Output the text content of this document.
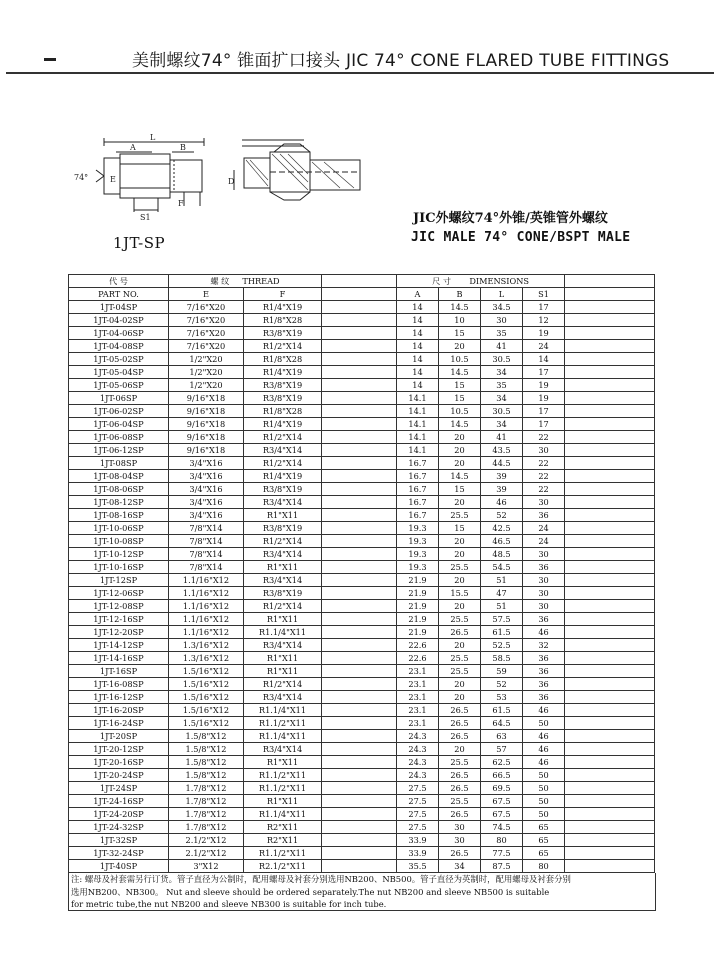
美制螺纹74° 锥面扩口接头 JIC 74° CONE FLARED TUBE FITTINGS
L
A	B
E
74°
F
S1
D
1JT-SP
JIC外螺纹74°外锥/英锥管外螺纹
JIC MALE 74° CONE/BSPT MALE
代 号	螺 纹 THREAD			尺 寸 DIMENSIONS				
PART NO.	E	F		A	B	L	S1	
1JT-04SP	7/16"X20	R1/4"X19		14	14.5	34.5	17	
1JT-04-02SP	7/16"X20	R1/8"X28		14	10	30	12	
1JT-04-06SP	7/16"X20	R3/8"X19		14	15	35	19	
1JT-04-08SP	7/16"X20	R1/2"X14		14	20	41	24	
1JT-05-02SP	1/2"X20	R1/8"X28		14	10.5	30.5	14	
1JT-05-04SP	1/2"X20	R1/4"X19		14	14.5	34	17	
1JT-05-06SP	1/2"X20	R3/8"X19		14	15	35	19	
1JT-06SP	9/16"X18	R3/8"X19		14.1	15	34	19	
1JT-06-02SP	9/16"X18	R1/8"X28		14.1	10.5	30.5	17	
1JT-06-04SP	9/16"X18	R1/4"X19		14.1	14.5	34	17	
1JT-06-08SP	9/16"X18	R1/2"X14		14.1	20	41	22	
1JT-06-12SP	9/16"X18	R3/4"X14		14.1	20	43.5	30	
1JT-08SP	3/4"X16	R1/2"X14		16.7	20	44.5	22	
1JT-08-04SP	3/4"X16	R1/4"X19		16.7	14.5	39	22	
1JT-08-06SP	3/4"X16	R3/8"X19		16.7	15	39	22	
1JT-08-12SP	3/4"X16	R3/4"X14		16.7	20	46	30	
1JT-08-16SP	3/4"X16	R1"X11		16.7	25.5	52	36	
1JT-10-06SP	7/8"X14	R3/8"X19		19.3	15	42.5	24	
1JT-10-08SP	7/8"X14	R1/2"X14		19.3	20	46.5	24	
1JT-10-12SP	7/8"X14	R3/4"X14		19.3	20	48.5	30	
1JT-10-16SP	7/8"X14	R1"X11		19.3	25.5	54.5	36	
1JT-12SP	1.1/16"X12	R3/4"X14		21.9	20	51	30	
1JT-12-06SP	1.1/16"X12	R3/8"X19		21.9	15.5	47	30	
1JT-12-08SP	1.1/16"X12	R1/2"X14		21.9	20	51	30	
1JT-12-16SP	1.1/16"X12	R1"X11		21.9	25.5	57.5	36	
1JT-12-20SP	1.1/16"X12	R1.1/4"X11		21.9	26.5	61.5	46	
1JT-14-12SP	1.3/16"X12	R3/4"X14		22.6	20	52.5	32	
1JT-14-16SP	1.3/16"X12	R1"X11		22.6	25.5	58.5	36	
1JT-16SP	1.5/16"X12	R1"X11		23.1	25.5	59	36	
1JT-16-08SP	1.5/16"X12	R1/2"X14		23.1	20	52	36	
1JT-16-12SP	1.5/16"X12	R3/4"X14		23.1	20	53	36	
1JT-16-20SP	1.5/16"X12	R1.1/4"X11		23.1	26.5	61.5	46	
1JT-16-24SP	1.5/16"X12	R1.1/2"X11		23.1	26.5	64.5	50	
1JT-20SP	1.5/8"X12	R1.1/4"X11		24.3	26.5	63	46	
1JT-20-12SP	1.5/8"X12	R3/4"X14		24.3	20	57	46	
1JT-20-16SP	1.5/8"X12	R1"X11		24.3	25.5	62.5	46	
1JT-20-24SP	1.5/8"X12	R1.1/2"X11		24.3	26.5	66.5	50	
1JT-24SP	1.7/8"X12	R1.1/2"X11		27.5	26.5	69.5	50	
1JT-24-16SP	1.7/8"X12	R1"X11		27.5	25.5	67.5	50	
1JT-24-20SP	1.7/8"X12	R1.1/4"X11		27.5	26.5	67.5	50	
1JT-24-32SP	1.7/8"X12	R2"X11		27.5	30	74.5	65	
1JT-32SP	2.1/2"X12	R2"X11		33.9	30	80	65	
1JT-32-24SP	2.1/2"X12	R1.1/2"X11		33.9	26.5	77.5	65	
1JT-40SP	3"X12	R2.1/2"X11		35.5	34	87.5	80	
注: 螺母及衬套需另行订货。管子直径为公制时，配用螺母及衬套分别选用NB200、NB500。管子直径为英制时，配用螺母及衬套分别
选用NB200、NB300。 Nut and sleeve should be ordered separately.The nut NB200 and sleeve NB500 is suitable
for metric tube,the nut NB200 and sleeve NB300 is suitable for inch tube.
